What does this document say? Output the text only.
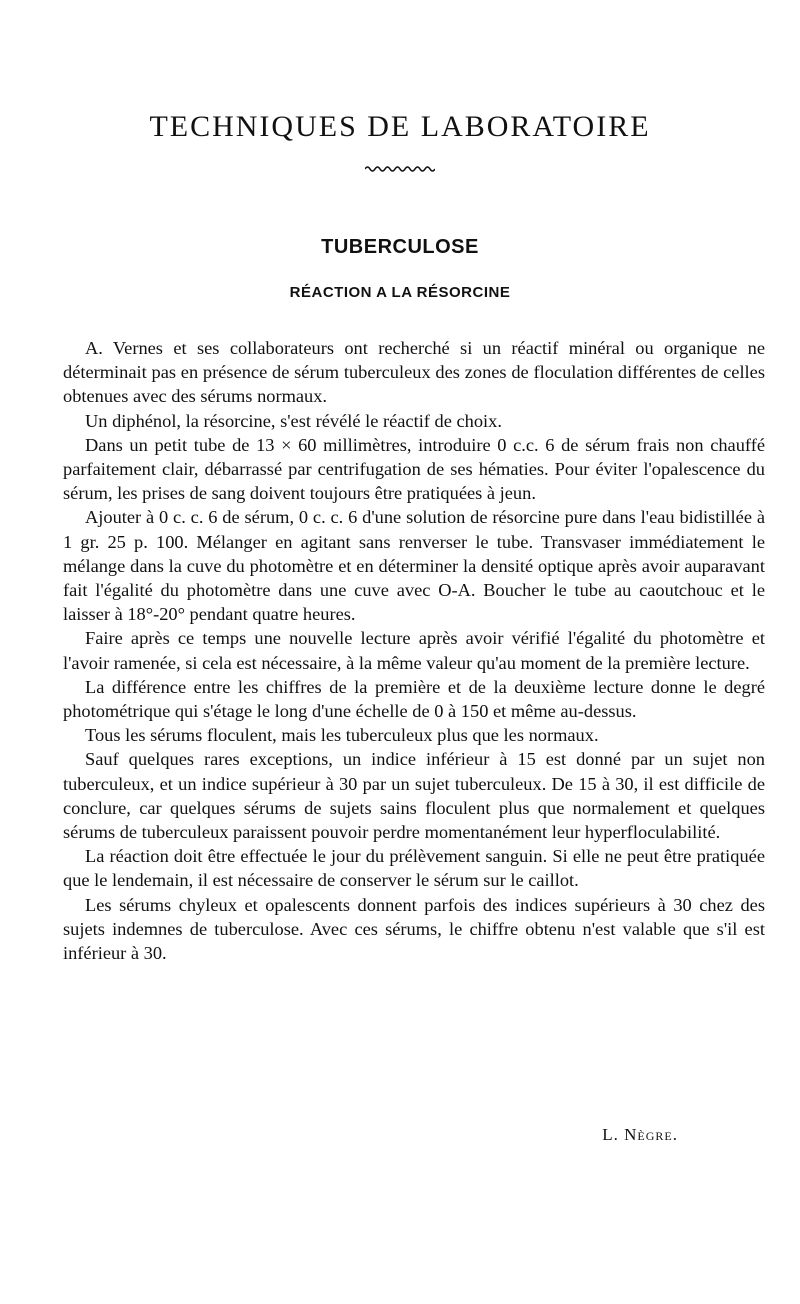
TECHNIQUES DE LABORATOIRE
TUBERCULOSE
RÉACTION A LA RÉSORCINE

A. Vernes et ses collaborateurs ont recherché si un réactif minéral ou organique ne déterminait pas en présence de sérum tuberculeux des zones de floculation différentes de celles obtenues avec des sérums normaux.

Un diphénol, la résorcine, s'est révélé le réactif de choix.

Dans un petit tube de 13 × 60 millimètres, introduire 0 c.c. 6 de sérum frais non chauffé parfaitement clair, débarrassé par centrifugation de ses hématies. Pour éviter l'opalescence du sérum, les prises de sang doivent toujours être pratiquées à jeun.

Ajouter à 0 c. c. 6 de sérum, 0 c. c. 6 d'une solution de résorcine pure dans l'eau bidistillée à 1 gr. 25 p. 100. Mélanger en agitant sans renverser le tube. Transvaser immédiatement le mélange dans la cuve du photomètre et en déterminer la densité optique après avoir auparavant fait l'égalité du photomètre dans une cuve avec O-A. Boucher le tube au caoutchouc et le laisser à 18°-20° pendant quatre heures.

Faire après ce temps une nouvelle lecture après avoir vérifié l'égalité du photomètre et l'avoir ramenée, si cela est nécessaire, à la même valeur qu'au moment de la première lecture.

La différence entre les chiffres de la première et de la deuxième lecture donne le degré photométrique qui s'étage le long d'une échelle de 0 à 150 et même au-dessus.

Tous les sérums floculent, mais les tuberculeux plus que les normaux.

Sauf quelques rares exceptions, un indice inférieur à 15 est donné par un sujet non tuberculeux, et un indice supérieur à 30 par un sujet tuberculeux. De 15 à 30, il est difficile de conclure, car quelques sérums de sujets sains floculent plus que normalement et quelques sérums de tuberculeux paraissent pouvoir perdre momentanément leur hyperfloculabilité.

La réaction doit être effectuée le jour du prélèvement sanguin. Si elle ne peut être pratiquée que le lendemain, il est nécessaire de conserver le sérum sur le caillot.

Les sérums chyleux et opalescents donnent parfois des indices supérieurs à 30 chez des sujets indemnes de tuberculose. Avec ces sérums, le chiffre obtenu n'est valable que s'il est inférieur à 30.

L. Nègre.
